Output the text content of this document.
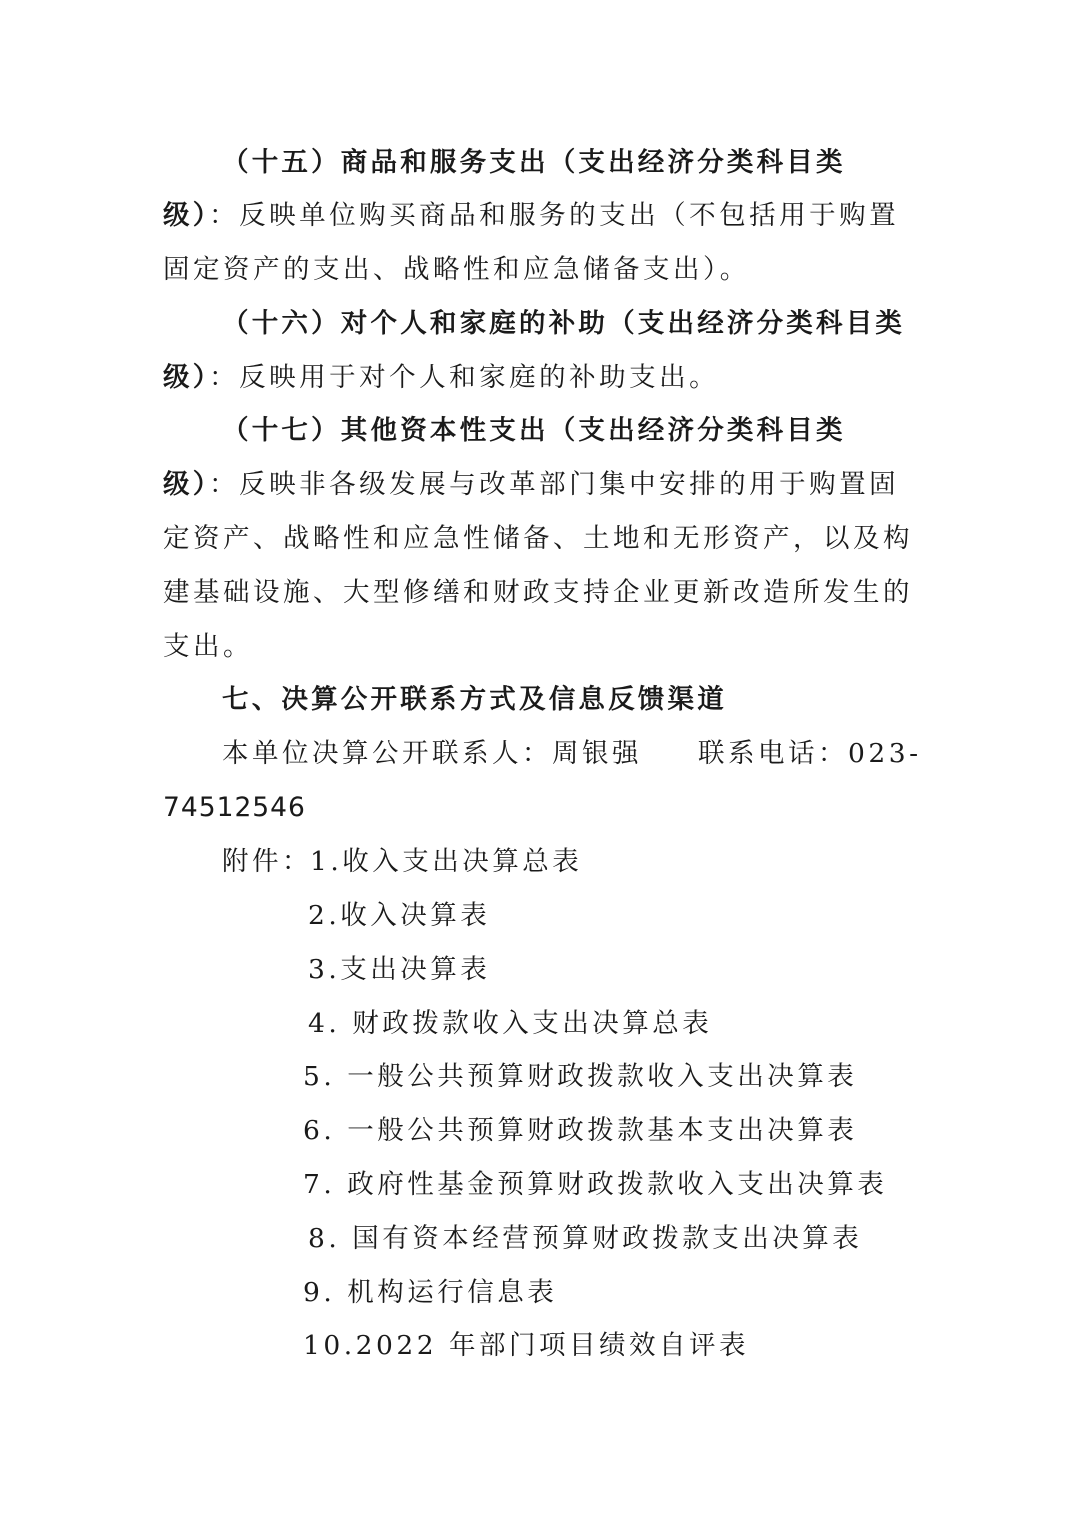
（十五）商品和服务支出（支出经济分类科目类
级）：反映单位购买商品和服务的支出（不包括用于购置
固定资产的支出、战略性和应急储备支出）。
（十六）对个人和家庭的补助（支出经济分类科目类
级）：反映用于对个人和家庭的补助支出。
（十七）其他资本性支出（支出经济分类科目类
级）：反映非各级发展与改革部门集中安排的用于购置固
定资产、战略性和应急性储备、土地和无形资产，以及构
建基础设施、大型修缮和财政支持企业更新改造所发生的
支出。
七、决算公开联系方式及信息反馈渠道
本单位决算公开联系人：周银强 联系电话：023-
74512546
附件：
1.收入支出决算总表
2.收入决算表
3.支出决算表
4. 财政拨款收入支出决算总表
5. 一般公共预算财政拨款收入支出决算表
6. 一般公共预算财政拨款基本支出决算表
7. 政府性基金预算财政拨款收入支出决算表
8. 国有资本经营预算财政拨款支出决算表
9. 机构运行信息表
10.2022 年部门项目绩效自评表
